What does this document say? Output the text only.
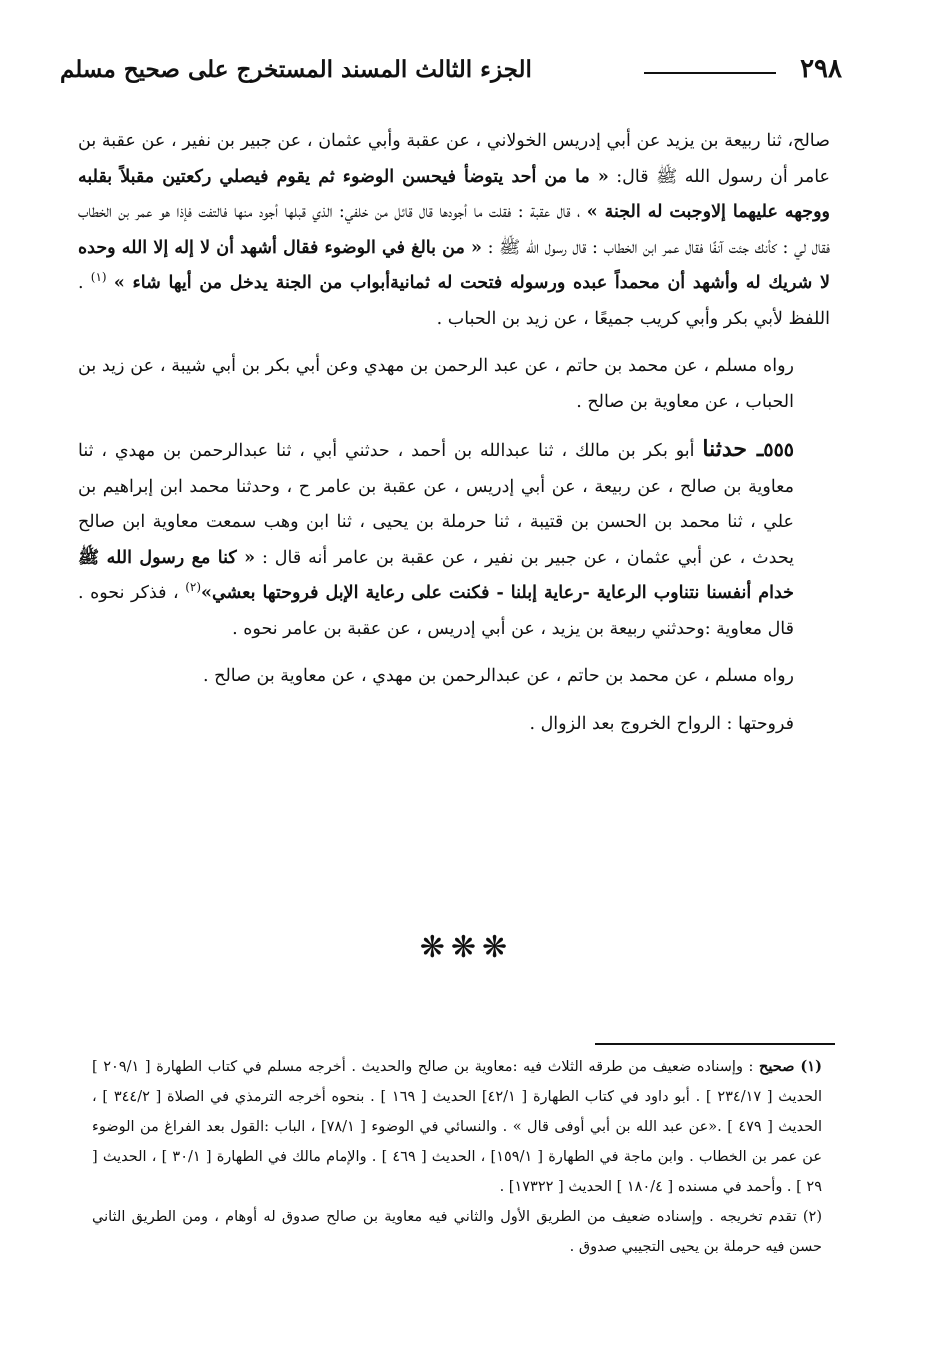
٢٩٨
الجزء الثالث المسند المستخرج على صحيح مسلم

صالح، ثنا ربيعة بن يزيد عن أبي إدريس الخولاني ، عن عقبة وأبي عثمان ، عن جبير بن نفير ، عن عقبة بن عامر أن رسول الله ﷺ قال: « ما من أحد يتوضأ فيحسن الوضوء ثم يقوم فيصلي ركعتين مقبلاً بقلبه ووجهه عليهما إلاوجبت له الجنة » ، قال عقبة : فقلت ما أجودها قال قائل من خلفي: الذي قبلها أجود منها فالتفت فإذا هو عمر بن الخطاب فقال لي : كأنك جئت آنفًا فقال عمر ابن الخطاب : قال رسول الله ﷺ : « من بالغ في الوضوء فقال أشهد أن لا إله إلا الله وحده لا شريك له وأشهد أن محمداً عبده ورسوله فتحت له ثمانيةأبواب من الجنة يدخل من أيها شاء » $^{(١)}$ . اللفظ لأبي بكر وأبي كريب جميعًا ، عن زيد بن الحباب .

رواه مسلم ، عن محمد بن حاتم ، عن عبد الرحمن بن مهدي وعن أبي بكر بن أبي شيبة ، عن زيد بن الحباب ، عن معاوية بن صالح .

٥٥٥ـ حدثنا أبو بكر بن مالك ، ثنا عبدالله بن أحمد ، حدثني أبي ، ثنا عبدالرحمن بن مهدي ، ثنا معاوية بن صالح ، عن ربيعة ، عن أبي إدريس ، عن عقبة بن عامر ح ، وحدثنا محمد ابن إبراهيم بن علي ، ثنا محمد بن الحسن بن قتيبة ، ثنا حرملة بن يحيى ، ثنا ابن وهب سمعت معاوية ابن صالح يحدث ، عن أبي عثمان ، عن جبير بن نفير ، عن عقبة بن عامر أنه قال : « كنا مع رسول الله ﷺ خدام أنفسنا نتناوب الرعاية -رعاية إبلنا - فكنت على رعاية الإبل فروحتها بعشي»$^{(٢)}$ ، فذكر نحوه . قال معاوية :وحدثني ربيعة بن يزيد ، عن أبي إدريس ، عن عقبة بن عامر نحوه .

رواه مسلم ، عن محمد بن حاتم ، عن عبدالرحمن بن مهدي ، عن معاوية بن صالح .

فروحتها : الرواح الخروج بعد الزوال .

❋❋❋

(١) صحيح : وإسناده ضعيف من طرقه الثلاث فيه :معاوية بن صالح والحديث . أخرجه مسلم في كتاب الطهارة [ ٢٠٩/١ ] الحديث [ ٢٣٤/١٧ ] . أبو داود في كتاب الطهارة [ ٤٢/١] الحديث [ ١٦٩ ] . بنحوه أخرجه الترمذي في الصلاة [ ٣٤٤/٢ ] ، الحديث [ ٤٧٩ ] .«عن عبد الله بن أبي أوفى قال » . والنسائي في الوضوء [ ٧٨/١] ، الباب :القول بعد الفراغ من الوضوء عن عمر بن الخطاب . وابن ماجة في الطهارة [ ١٥٩/١] ، الحديث [ ٤٦٩ ] . والإمام مالك في الطهارة [ ٣٠/١ ] ، الحديث [ ٢٩ ] . وأحمد في مسنده [ ١٨٠/٤ ] الحديث [ ١٧٣٢٢] .

(٢) تقدم تخريجه . وإسناده ضعيف من الطريق الأول والثاني فيه معاوية بن صالح صدوق له أوهام ، ومن الطريق الثاني حسن فيه حرملة بن يحيى التجيبي صدوق .
